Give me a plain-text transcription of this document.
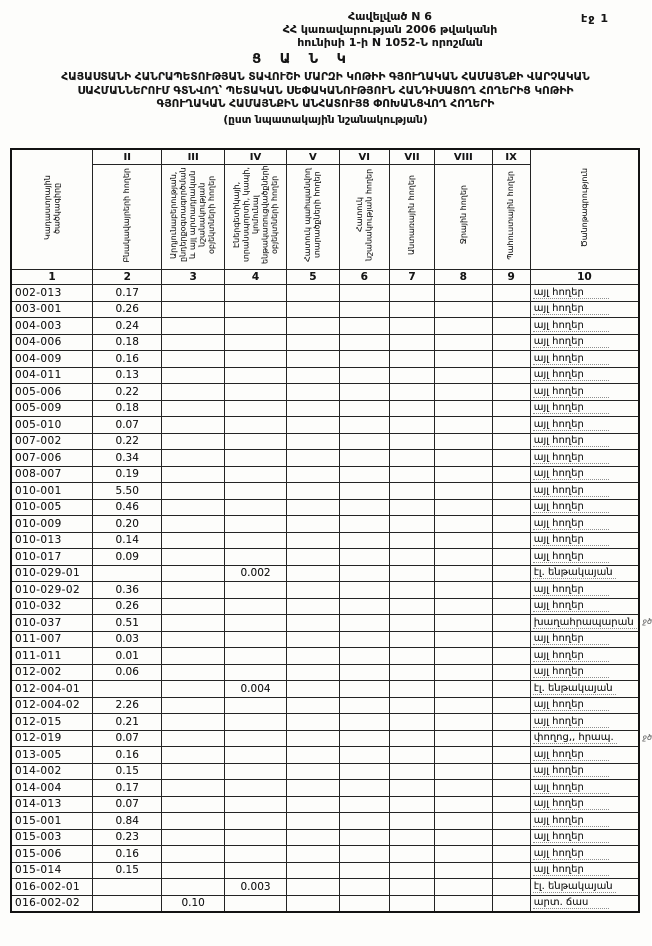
էջ 1
Հավելված N 6
ՀՀ կառավարության 2006 թվականի
հունիսի 1-ի N 1052-Ն որոշման
Ց Ա Ն Կ
ՀԱՅԱՍՏԱՆԻ ՀԱՆՐԱՊԵՏՈՒԹՅԱՆ ՏԱՎՈՒՇԻ ՄԱՐԶԻ ԿՈԹԻԻ ԳՅՈՒՂԱԿԱՆ ՀԱՄԱՅՆՔԻ ՎԱՐՉԱԿԱՆ
ՍԱՀՄԱՆՆԵՐՈՒՄ ԳՏՆՎՈՂ՝ ՊԵՏԱԿԱՆ ՍԵՓԱԿԱՆՈՒԹՅՈՒՆ ՀԱՆԴԻՍԱՑՈՂ ՀՈՂԵՐԻՑ ԿՈԹԻԻ
ԳՅՈՒՂԱԿԱՆ ՀԱՄԱՅՆՔԻՆ ԱՆՀԱՏՈՒՅՑ ՓՈԽԱՆՑՎՈՂ ՀՈՂԵՐԻ
(ըստ նպատակային նշանակության)
Կադաստրային ծածկագիրը	II	III	IV	V	VI	VII	VIII	IX	Ծանոթագրություն
	Բնակավայրերի հողեր	Արդյունաբերության, ընդերքօգտագործման և այլ արտադրական նշանակության օբյեկտների հողեր	Էներգետիկայի, տրանսպորտի, կապի, կոմունալ ենթակառուցվածքների օբյեկտների հողեր	Հատուկ պահպանվող տարածքների հողեր	Հատուկ նշանակության հողեր	Անտառային հողեր	Ջրային հողեր	Պահուստային հողեր	
1	2	3	4	5	6	7	8	9	10
002-013	0.17								այլ հողեր
003-001	0.26								այլ հողեր
004-003	0.24								այլ հողեր
004-006	0.18								այլ հողեր
004-009	0.16								այլ հողեր
004-011	0.13								այլ հողեր
005-006	0.22								այլ հողեր
005-009	0.18								այլ հողեր
005-010	0.07								այլ հողեր
007-002	0.22								այլ հողեր
007-006	0.34								այլ հողեր
008-007	0.19								այլ հողեր
010-001	5.50								այլ հողեր
010-005	0.46								այլ հողեր
010-009	0.20								այլ հողեր
010-013	0.14								այլ հողեր
010-017	0.09								այլ հողեր
010-029-01			0.002						էլ. ենթակայան
010-029-02	0.36								այլ հողեր
010-032	0.26								այլ հողեր
010-037	0.51								խաղահրապարան ջծ

011-007	0.03								այլ հողեր
011-011	0.01								այլ հողեր
012-002	0.06								այլ հողեր
012-004-01			0.004						էլ. ենթակայան
012-004-02	2.26								այլ հողեր
012-015	0.21								այլ հողեր
012-019	0.07								փողոց,, հրապ. ջծ

013-005	0.16								այլ հողեր
014-002	0.15								այլ հողեր
014-004	0.17								այլ հողեր
014-013	0.07								այլ հողեր
015-001	0.84								այլ հողեր
015-003	0.23								այլ հողեր
015-006	0.16								այլ հողեր
015-014	0.15								այլ հողեր
016-002-01			0.003						էլ. ենթակայան
016-002-02		0.10							արտ. ճաս
